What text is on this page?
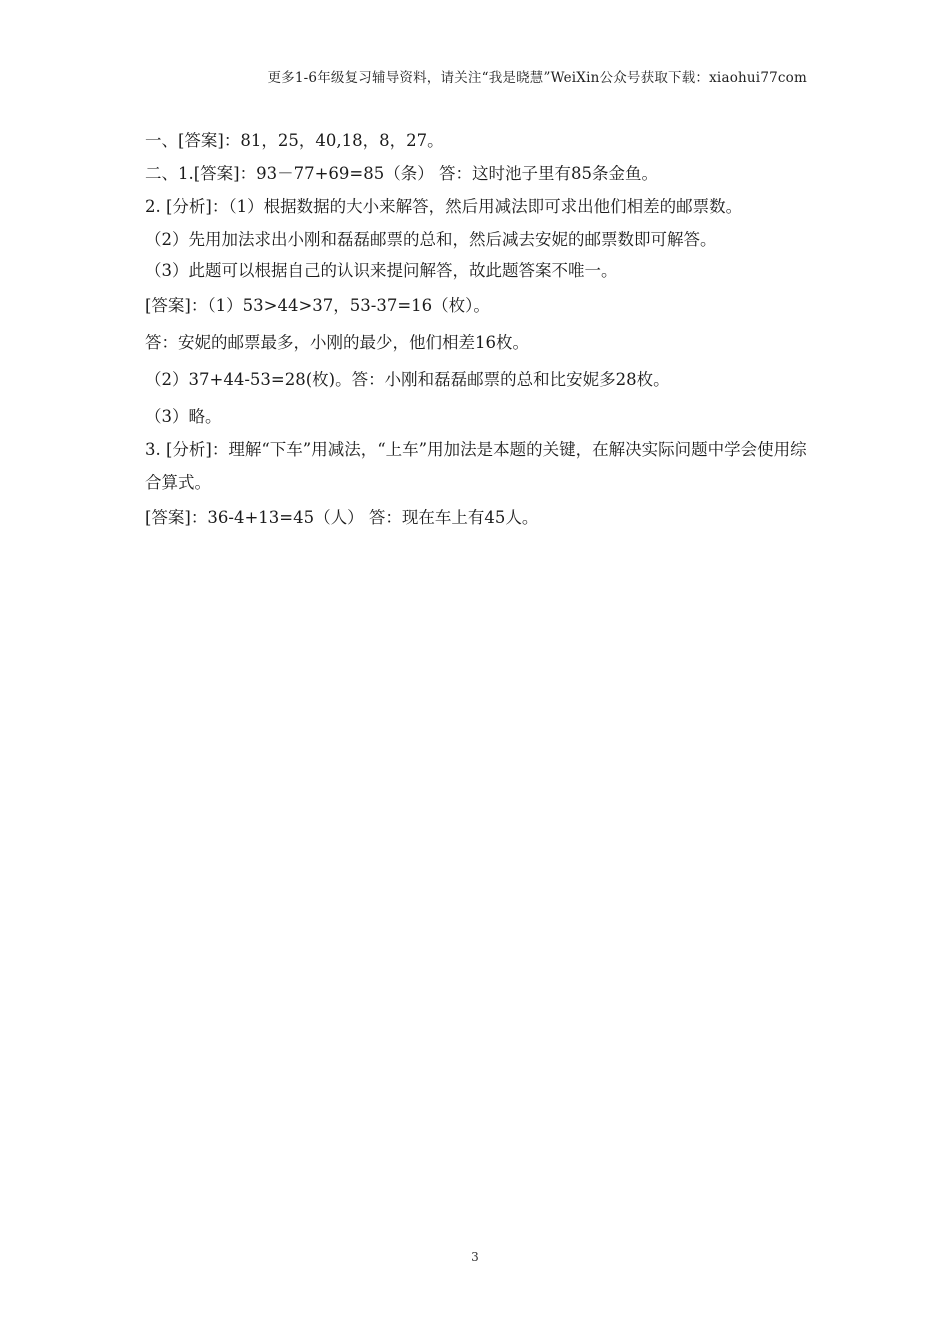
更多1-6年级复习辅导资料，请关注“我是晓慧”WeiXin公众号获取下载：xiaohui77com

一、[答案]：81，25，40,18，8，27。

二、1.[答案]：93－77+69=85（条） 答：这时池子里有85条金鱼。

2. [分析]：（1）根据数据的大小来解答，然后用减法即可求出他们相差的邮票数。

（2）先用加法求出小刚和磊磊邮票的总和，然后减去安妮的邮票数即可解答。

（3）此题可以根据自己的认识来提问解答，故此题答案不唯一。

[答案]：（1）53>44>37，53-37=16（枚）。

答：安妮的邮票最多，小刚的最少，他们相差16枚。

（2）37+44-53=28(枚)。答：小刚和磊磊邮票的总和比安妮多28枚。

（3）略。

3. [分析]：理解“下车”用减法，“上车”用加法是本题的关键，在解决实际问题中学会使用综合算式。

[答案]：36-4+13=45（人） 答：现在车上有45人。

3
